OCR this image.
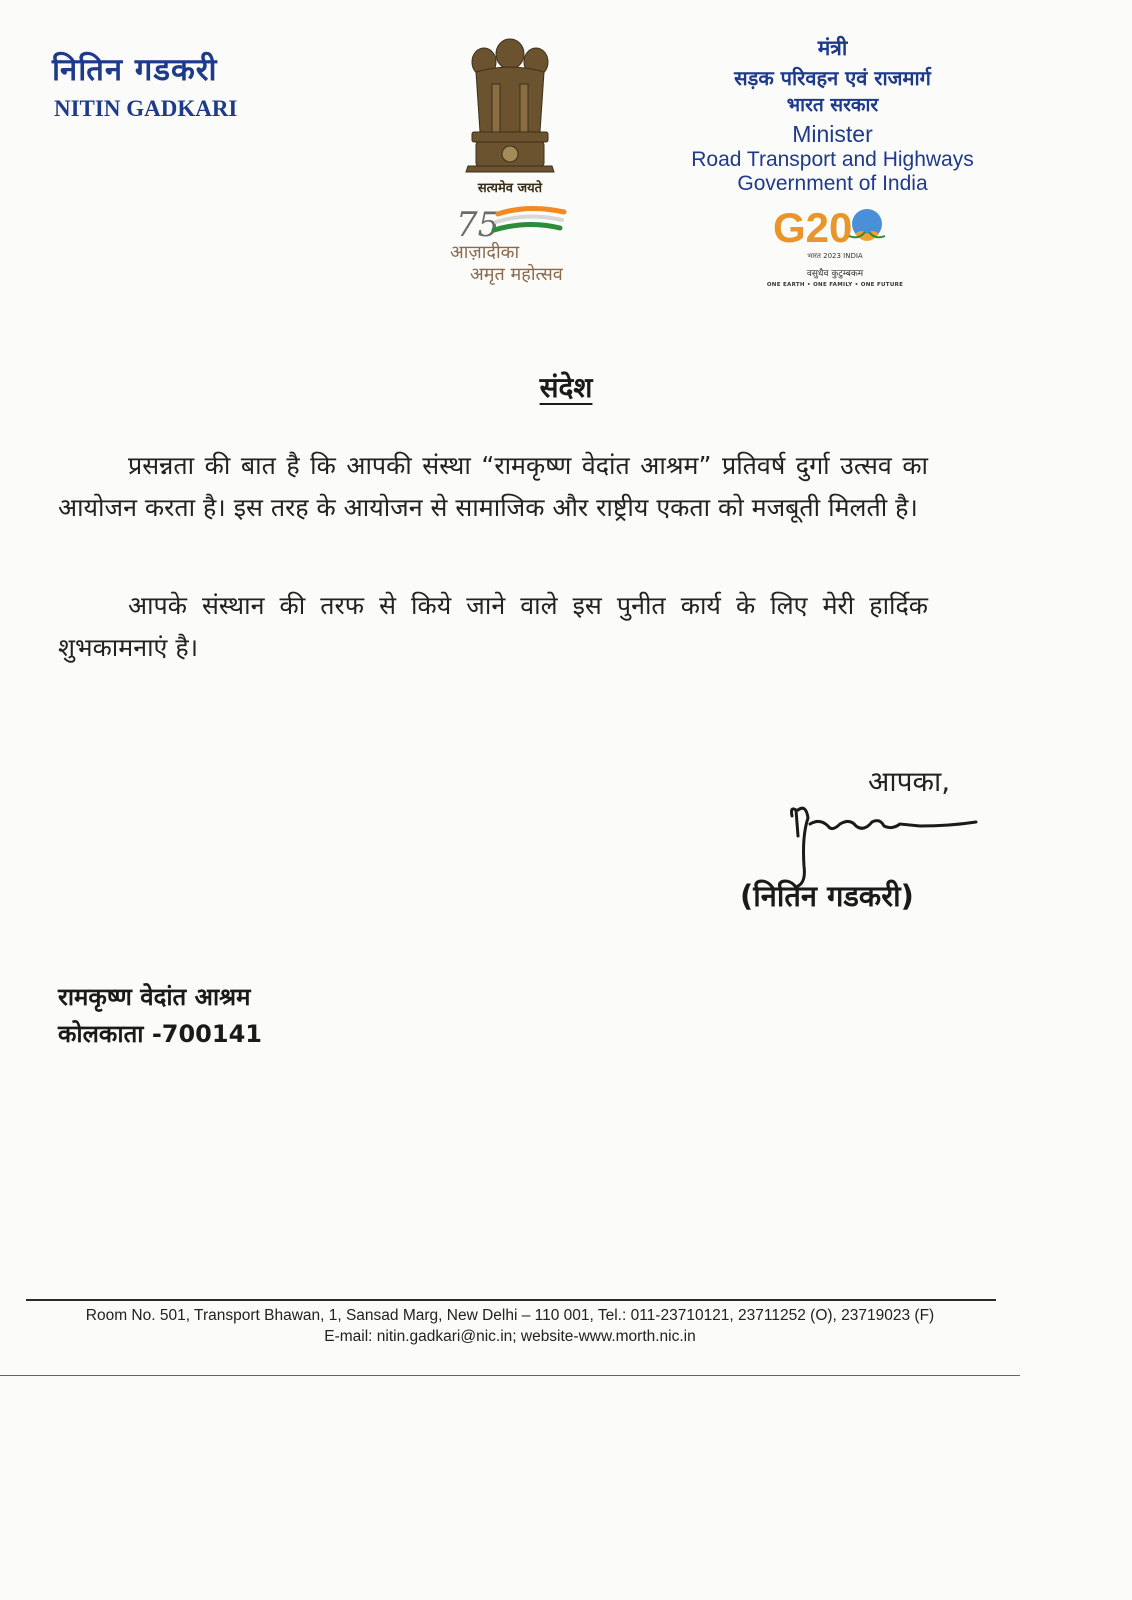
नितिन गडकरी
NITIN GADKARI
सत्यमेव जयते
75
आज़ादीका
अमृत महोत्सव
मंत्री
सड़क परिवहन एवं राजमार्ग
भारत सरकार
Minister
Road Transport and Highways
Government of India
G20
भारत 2023 INDIA
वसुधैव कुटुम्बकम
ONE EARTH • ONE FAMILY • ONE FUTURE
संदेश

प्रसन्नता की बात है कि आपकी संस्था “रामकृष्ण वेदांत आश्रम” प्रतिवर्ष दुर्गा उत्सव का आयोजन करता है। इस तरह के आयोजन से सामाजिक और राष्ट्रीय एकता को मजबूती मिलती है।

आपके संस्थान की तरफ से किये जाने वाले इस पुनीत कार्य के लिए मेरी हार्दिक शुभकामनाएं है।

आपका,
(नितिन गडकरी)
रामकृष्ण वेदांत आश्रम
कोलकाता -700141
Room No. 501, Transport Bhawan, 1, Sansad Marg, New Delhi – 110 001, Tel.: 011-23710121, 23711252 (O), 23719023 (F)
E-mail: nitin.gadkari@nic.in; website-www.morth.nic.in
